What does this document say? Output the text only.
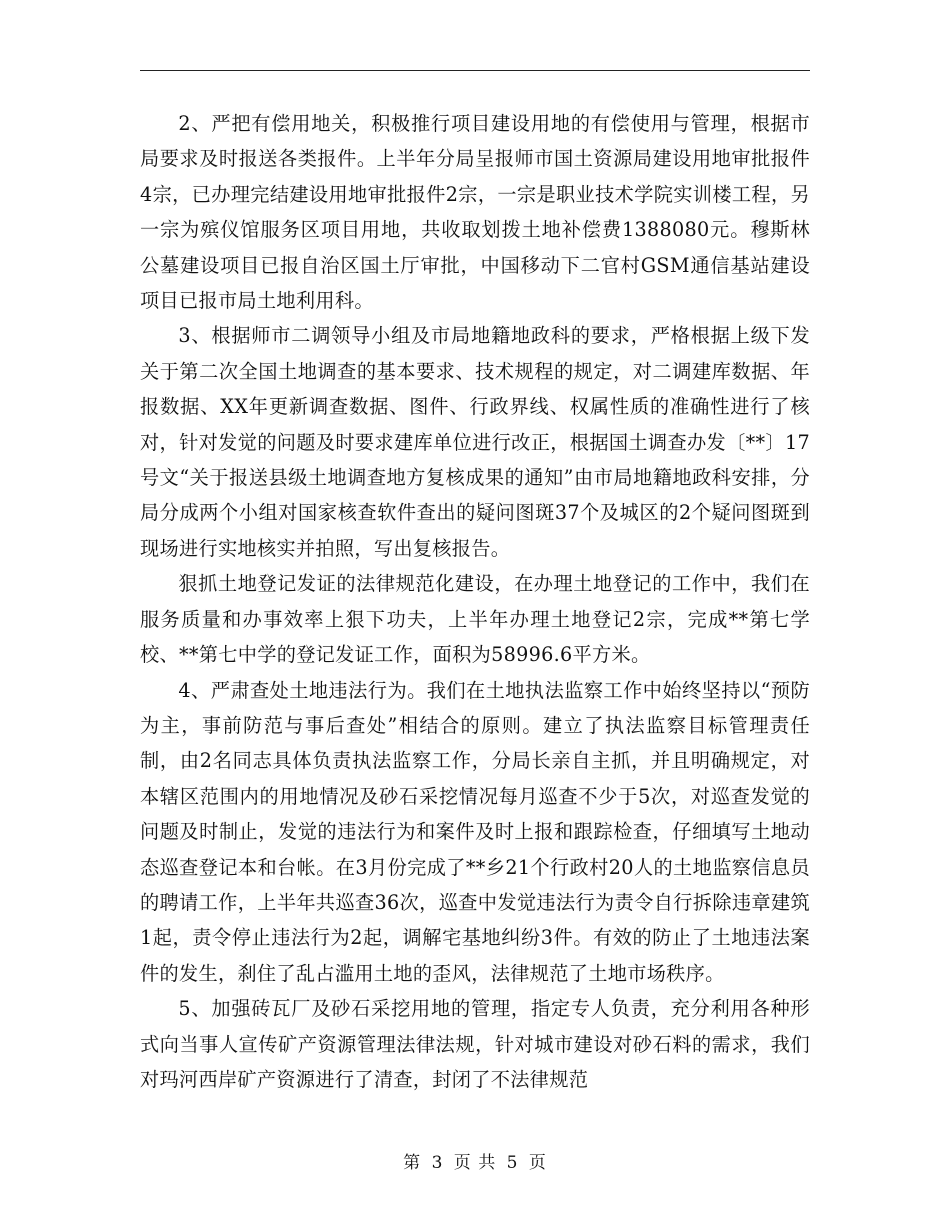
2、严把有偿用地关，积极推行项目建设用地的有偿使用与管理，根据市局要求及时报送各类报件。上半年分局呈报师市国土资源局建设用地审批报件4宗，已办理完结建设用地审批报件2宗，一宗是职业技术学院实训楼工程，另一宗为殡仪馆服务区项目用地，共收取划拨土地补偿费1388080元。穆斯林公墓建设项目已报自治区国土厅审批，中国移动下二官村GSM通信基站建设项目已报市局土地利用科。

3、根据师市二调领导小组及市局地籍地政科的要求，严格根据上级下发关于第二次全国土地调查的基本要求、技术规程的规定，对二调建库数据、年报数据、XX年更新调查数据、图件、行政界线、权属性质的准确性进行了核对，针对发觉的问题及时要求建库单位进行改正，根据国土调查办发〔**〕17号文“关于报送县级土地调查地方复核成果的通知”由市局地籍地政科安排，分局分成两个小组对国家核查软件查出的疑问图斑37个及城区的2个疑问图斑到现场进行实地核实并拍照，写出复核报告。

狠抓土地登记发证的法律规范化建设，在办理土地登记的工作中，我们在服务质量和办事效率上狠下功夫，上半年办理土地登记2宗，完成**第七学校、**第七中学的登记发证工作，面积为58996.6平方米。

4、严肃查处土地违法行为。我们在土地执法监察工作中始终坚持以“预防为主，事前防范与事后查处”相结合的原则。建立了执法监察目标管理责任制，由2名同志具体负责执法监察工作，分局长亲自主抓，并且明确规定，对本辖区范围内的用地情况及砂石采挖情况每月巡查不少于5次，对巡查发觉的问题及时制止，发觉的违法行为和案件及时上报和跟踪检查，仔细填写土地动态巡查登记本和台帐。在3月份完成了**乡21个行政村20人的土地监察信息员的聘请工作，上半年共巡查36次，巡查中发觉违法行为责令自行拆除违章建筑1起，责令停止违法行为2起，调解宅基地纠纷3件。有效的防止了土地违法案件的发生，刹住了乱占滥用土地的歪风，法律规范了土地市场秩序。

5、加强砖瓦厂及砂石采挖用地的管理，指定专人负责，充分利用各种形式向当事人宣传矿产资源管理法律法规，针对城市建设对砂石料的需求，我们对玛河西岸矿产资源进行了清查，封闭了不法律规范

第 3 页 共 5 页
